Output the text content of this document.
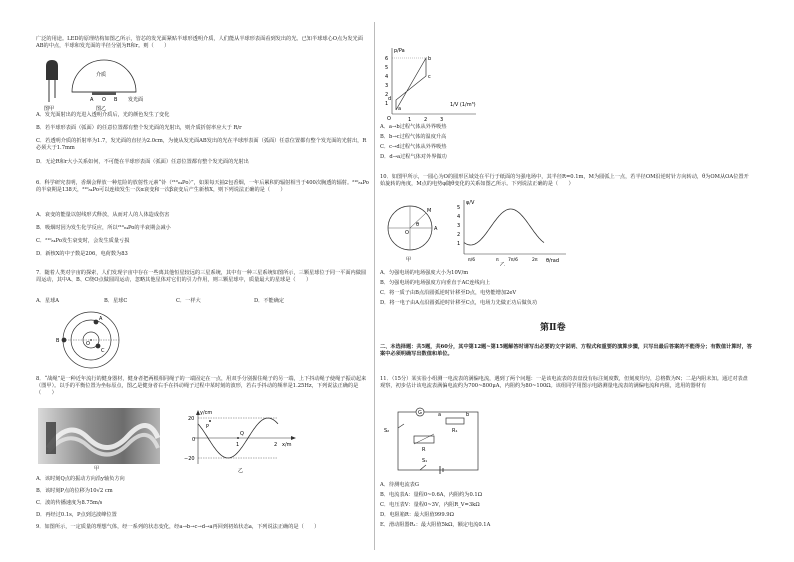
广泛的用途。LED的原理结构如图乙所示，管芯的发光面紧贴半球形透明介质，人们能从半球形表面看到发出的光。已知半球球心O点为发光面AB的中点，半球和发光面的半径分别为R和r。则（　　）

图甲
介质
O
A	B 发光面
图乙

A．发光面射出的光进入透明介质后，光的颜色发生了变化

B．若半球形表面（弧面）的任意位置都有整个发光面的光射出，则介质折射率应大于 R/r

C．若透明介质的折射率为1.7，发光面的直径为2.0cm，为使从发光面AB发出的光在半球形表面（弧面）任意位置都有整个发光面的光射出，R必须大于1.7mm

D．无论R和r大小关系如何，不可能在半球形表面（弧面）任意位置都有整个发光面的光射出

6．科学研究表明，香烟会释放一种危险的放射性元素“钋（²¹⁰₈₄Po）”，如果每天抽2包香烟，一年后累积的辐射相当于400次胸透的辐射。²¹⁰₈₄Po的半衰期是138天，²¹⁰₈₄Po可以连续发生一次α衰变和一次β衰变后产生新核X，则下列说法正确的是（　　）

A．衰变的能量以射线形式释放，从而对人的人体造成伤害

B．吸烟时因为发生化学反应，所以²¹⁰₈₄Po的半衰期会减小

C．²¹⁰₈₄Po发生衰变时，会发生质量亏损

D．新核X的中子数是206，电荷数为83

7．随着人类对宇宙的探索，人们发现宇宙中存在一些离其他恒星较远的三星系统，其中有一种三星系统如图所示，三颗星球位于同一平面内做圆周运动，其中A、B、C绕O点做圆周运动，忽略其他星体对它们的引力作用，则三颗星球中，质量最大的星球是（　　）

A．星球A	B．星球C	C．一样大	D．不能确定

A
B
C
O

8．“战绳”是一种近年流行的健身器材，健身者把两根相同绳子的一端固定在一点，用双手分别握住绳子的另一端，上下抖动绳子使绳子振动起来（图甲）。以手的平衡位置为坐标原点，图乙是健身者右手在抖动绳子过程中某时刻的波形，若右手抖动的频率是1.25Hz，下列说法正确的是（　　）

甲

y/cm
x/m
20
0
−20
1	2
P
Q
乙

A．该时刻Q点的振动方向沿y轴负方向

B．该时刻P点的位移为10√2 cm

C．波的传播速度为8.75m/s

D．再经过0.1s，P点到达波峰位置

9．如图所示，一定质量的理想气体，经一系列的状态变化，经a→b→c→d→a再回到初始状态a，下列说法正确的是（　　）

p/Pa
1/V (1/m³)
6
5
4
3
2
1
1	2	3
O
a
b
c
d

A．a→b过程气体从外界吸热

B．b→c过程气体的温度升高

C．c→d过程气体从外界吸热

D．d→a过程气体对外界做功

10．如图甲所示，一圆心为O的圆形区域处在平行于纸面的匀强电场中，其半径R=0.1m，M为圆弧上一点，若半径OM沿逆时针方向转动，θ为OM从OA位置开始旋转的角度，M点的电势φ随θ变化的关系如图乙所示。下列说法正确的是（　　）

O
M
A
θ
甲
φ/V
θ/rad
5
4
3
2
1
π/6	π 7π/6	2π
乙

A．匀强电场的电场强度大小为10V/m

B．匀强电场的电场强度方向垂直于AC连线向上

C．将一质子由B点沿圆弧逆时针移至D点，电势能增加2eV

D．将一电子由A点沿圆弧逆时针移至C点，电场力先做正功后做负功

第Ⅱ卷

二、本选择题：共5题，共60分，其中第12题~第15题解答时请写出必要的文字说明、方程式和重要的演算步骤，只写出最后答案的不能得分；有数值计算时，答案中必须明确写出数值和单位。

11．（15分）某实验小组测一电流表的满偏电流，遇到了两个问题：一是该电流表的表盘没有标注刻度数，但刻度均匀，总格数为N；二是内阻未知。通过对表盘观察，初步估计该电流表满偏电流约为700~800μA，内阻约为80~100Ω。该组同学用图示电路测量电流表的满偏电流和内阻，选用的器材有

G	a	b
R₁
S₂
R
S₁

A．待测电流表G

B．电流表A：量程0~0.6A，内阻约为0.1Ω

C．电压表V：量程0~3V，内阻R_V=3kΩ

D．电阻箱R：最大阻值999.9Ω

E．滑动阻器R₁：最大阻值5kΩ，额定电流0.1A
